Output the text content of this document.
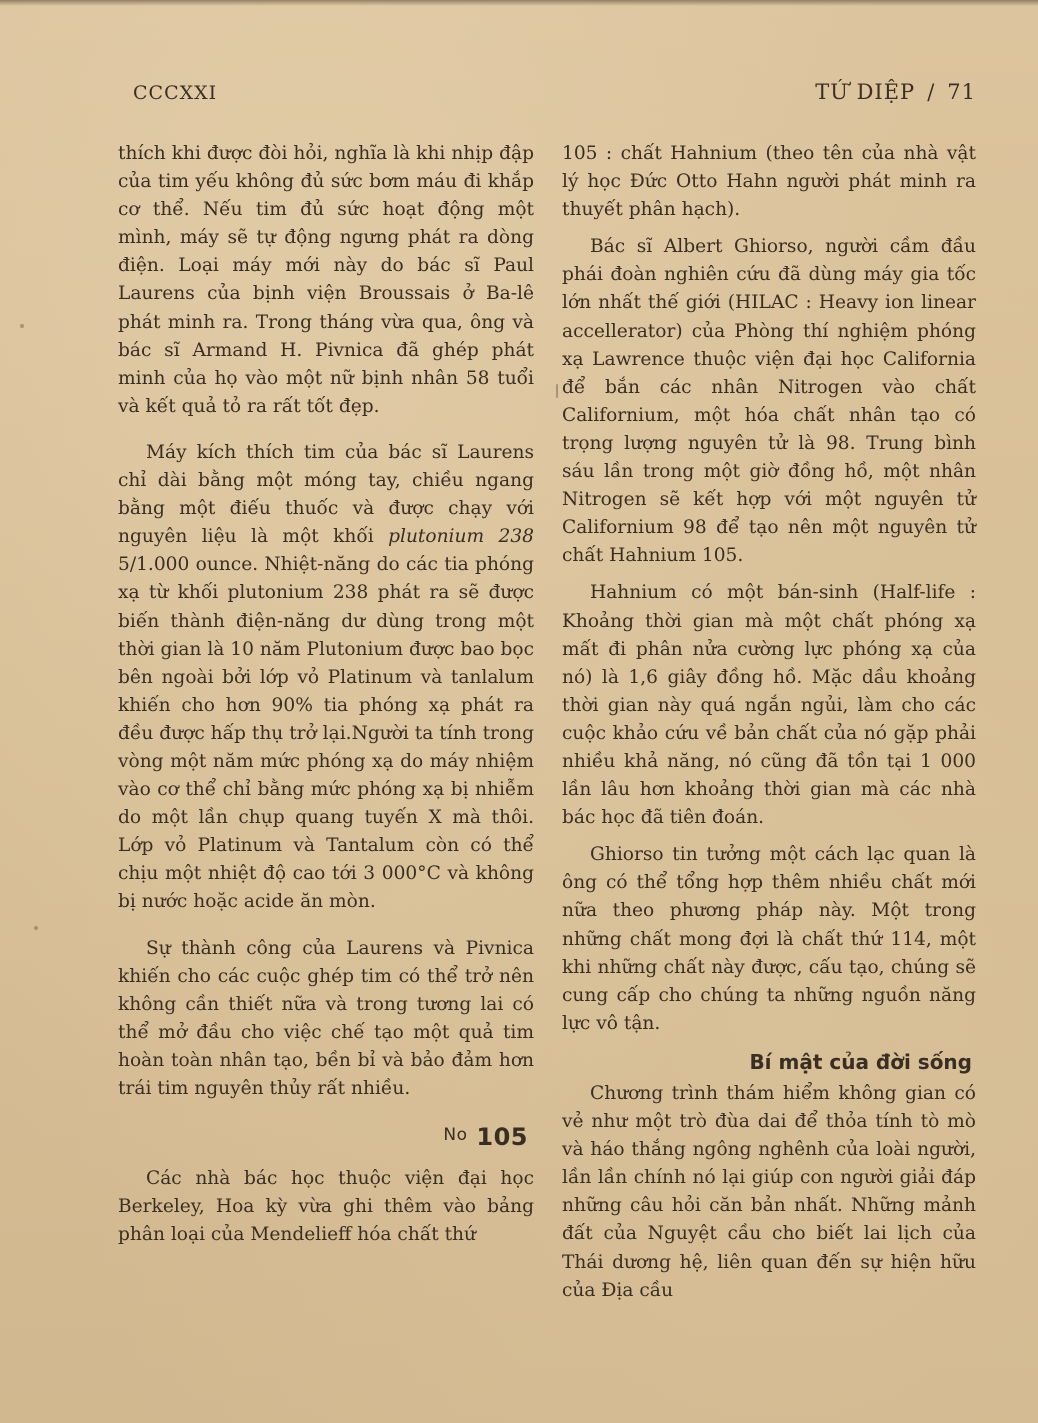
CCCXXI	TỨ DIỆP / 71

thích khi được đòi hỏi, nghĩa là khi nhịp đập của tim yếu không đủ sức bơm máu đi khắp cơ thể. Nếu tim đủ sức hoạt động một mình, máy sẽ tự động ngưng phát ra dòng điện. Loại máy mới này do bác sĩ Paul Laurens của bịnh viện Broussais ở Ba-lê phát minh ra. Trong tháng vừa qua, ông và bác sĩ Armand H. Pivnica đã ghép phát minh của họ vào một nữ bịnh nhân 58 tuổi và kết quả tỏ ra rất tốt đẹp.

Máy kích thích tim của bác sĩ Laurens chỉ dài bằng một móng tay, chiều ngang bằng một điếu thuốc và được chạy với nguyên liệu là một khối plutonium 238 5/1.000 ounce. Nhiệt-năng do các tia phóng xạ từ khối plutonium 238 phát ra sẽ được biến thành điện-năng dư dùng trong một thời gian là 10 năm Plutonium được bao bọc bên ngoài bởi lớp vỏ Platinum và tanlalum khiến cho hơn 90% tia phóng xạ phát ra đều được hấp thụ trở lại.Người ta tính trong vòng một năm mức phóng xạ do máy nhiệm vào cơ thể chỉ bằng mức phóng xạ bị nhiễm do một lần chụp quang tuyến X mà thôi. Lớp vỏ Platinum và Tantalum còn có thể chịu một nhiệt độ cao tới 3 000°C và không bị nước hoặc acide ăn mòn.

Sự thành công của Laurens và Pivnica khiến cho các cuộc ghép tim có thể trở nên không cần thiết nữa và trong tương lai có thể mở đầu cho việc chế tạo một quả tim hoàn toàn nhân tạo, bền bỉ và bảo đảm hơn trái tim nguyên thủy rất nhiều.

$^{No}$ 105

Các nhà bác học thuộc viện đại học Berkeley, Hoa kỳ vừa ghi thêm vào bảng phân loại của Mendelieff hóa chất thứ

105 : chất Hahnium (theo tên của nhà vật lý học Đức Otto Hahn người phát minh ra thuyết phân hạch).

Bác sĩ Albert Ghiorso, người cầm đầu phái đoàn nghiên cứu đã dùng máy gia tốc lớn nhất thế giới (HILAC : Heavy ion linear accellerator) của Phòng thí nghiệm phóng xạ Lawrence thuộc viện đại học California để bắn các nhân Nitrogen vào chất Californium, một hóa chất nhân tạo có trọng lượng nguyên tử là 98. Trung bình sáu lần trong một giờ đồng hồ, một nhân Nitrogen sẽ kết hợp với một nguyên tử Californium 98 để tạo nên một nguyên tử chất Hahnium 105.

Hahnium có một bán-sinh (Half-life : Khoảng thời gian mà một chất phóng xạ mất đi phân nửa cường lực phóng xạ của nó) là 1,6 giây đồng hồ. Mặc dầu khoảng thời gian này quá ngắn ngủi, làm cho các cuộc khảo cứu về bản chất của nó gặp phải nhiều khả năng, nó cũng đã tồn tại 1 000 lần lâu hơn khoảng thời gian mà các nhà bác học đã tiên đoán.

Ghiorso tin tưởng một cách lạc quan là ông có thể tổng hợp thêm nhiều chất mới nữa theo phương pháp này. Một trong những chất mong đợi là chất thứ 114, một khi những chất này được, cấu tạo, chúng sẽ cung cấp cho chúng ta những nguồn năng lực vô tận.

Bí mật của đời sống

Chương trình thám hiểm không gian có vẻ như một trò đùa dai để thỏa tính tò mò và háo thắng ngông nghênh của loài người, lần lần chính nó lại giúp con người giải đáp những câu hỏi căn bản nhất. Những mảnh đất của Nguyệt cầu cho biết lai lịch của Thái dương hệ, liên quan đến sự hiện hữu của Địa cầu
